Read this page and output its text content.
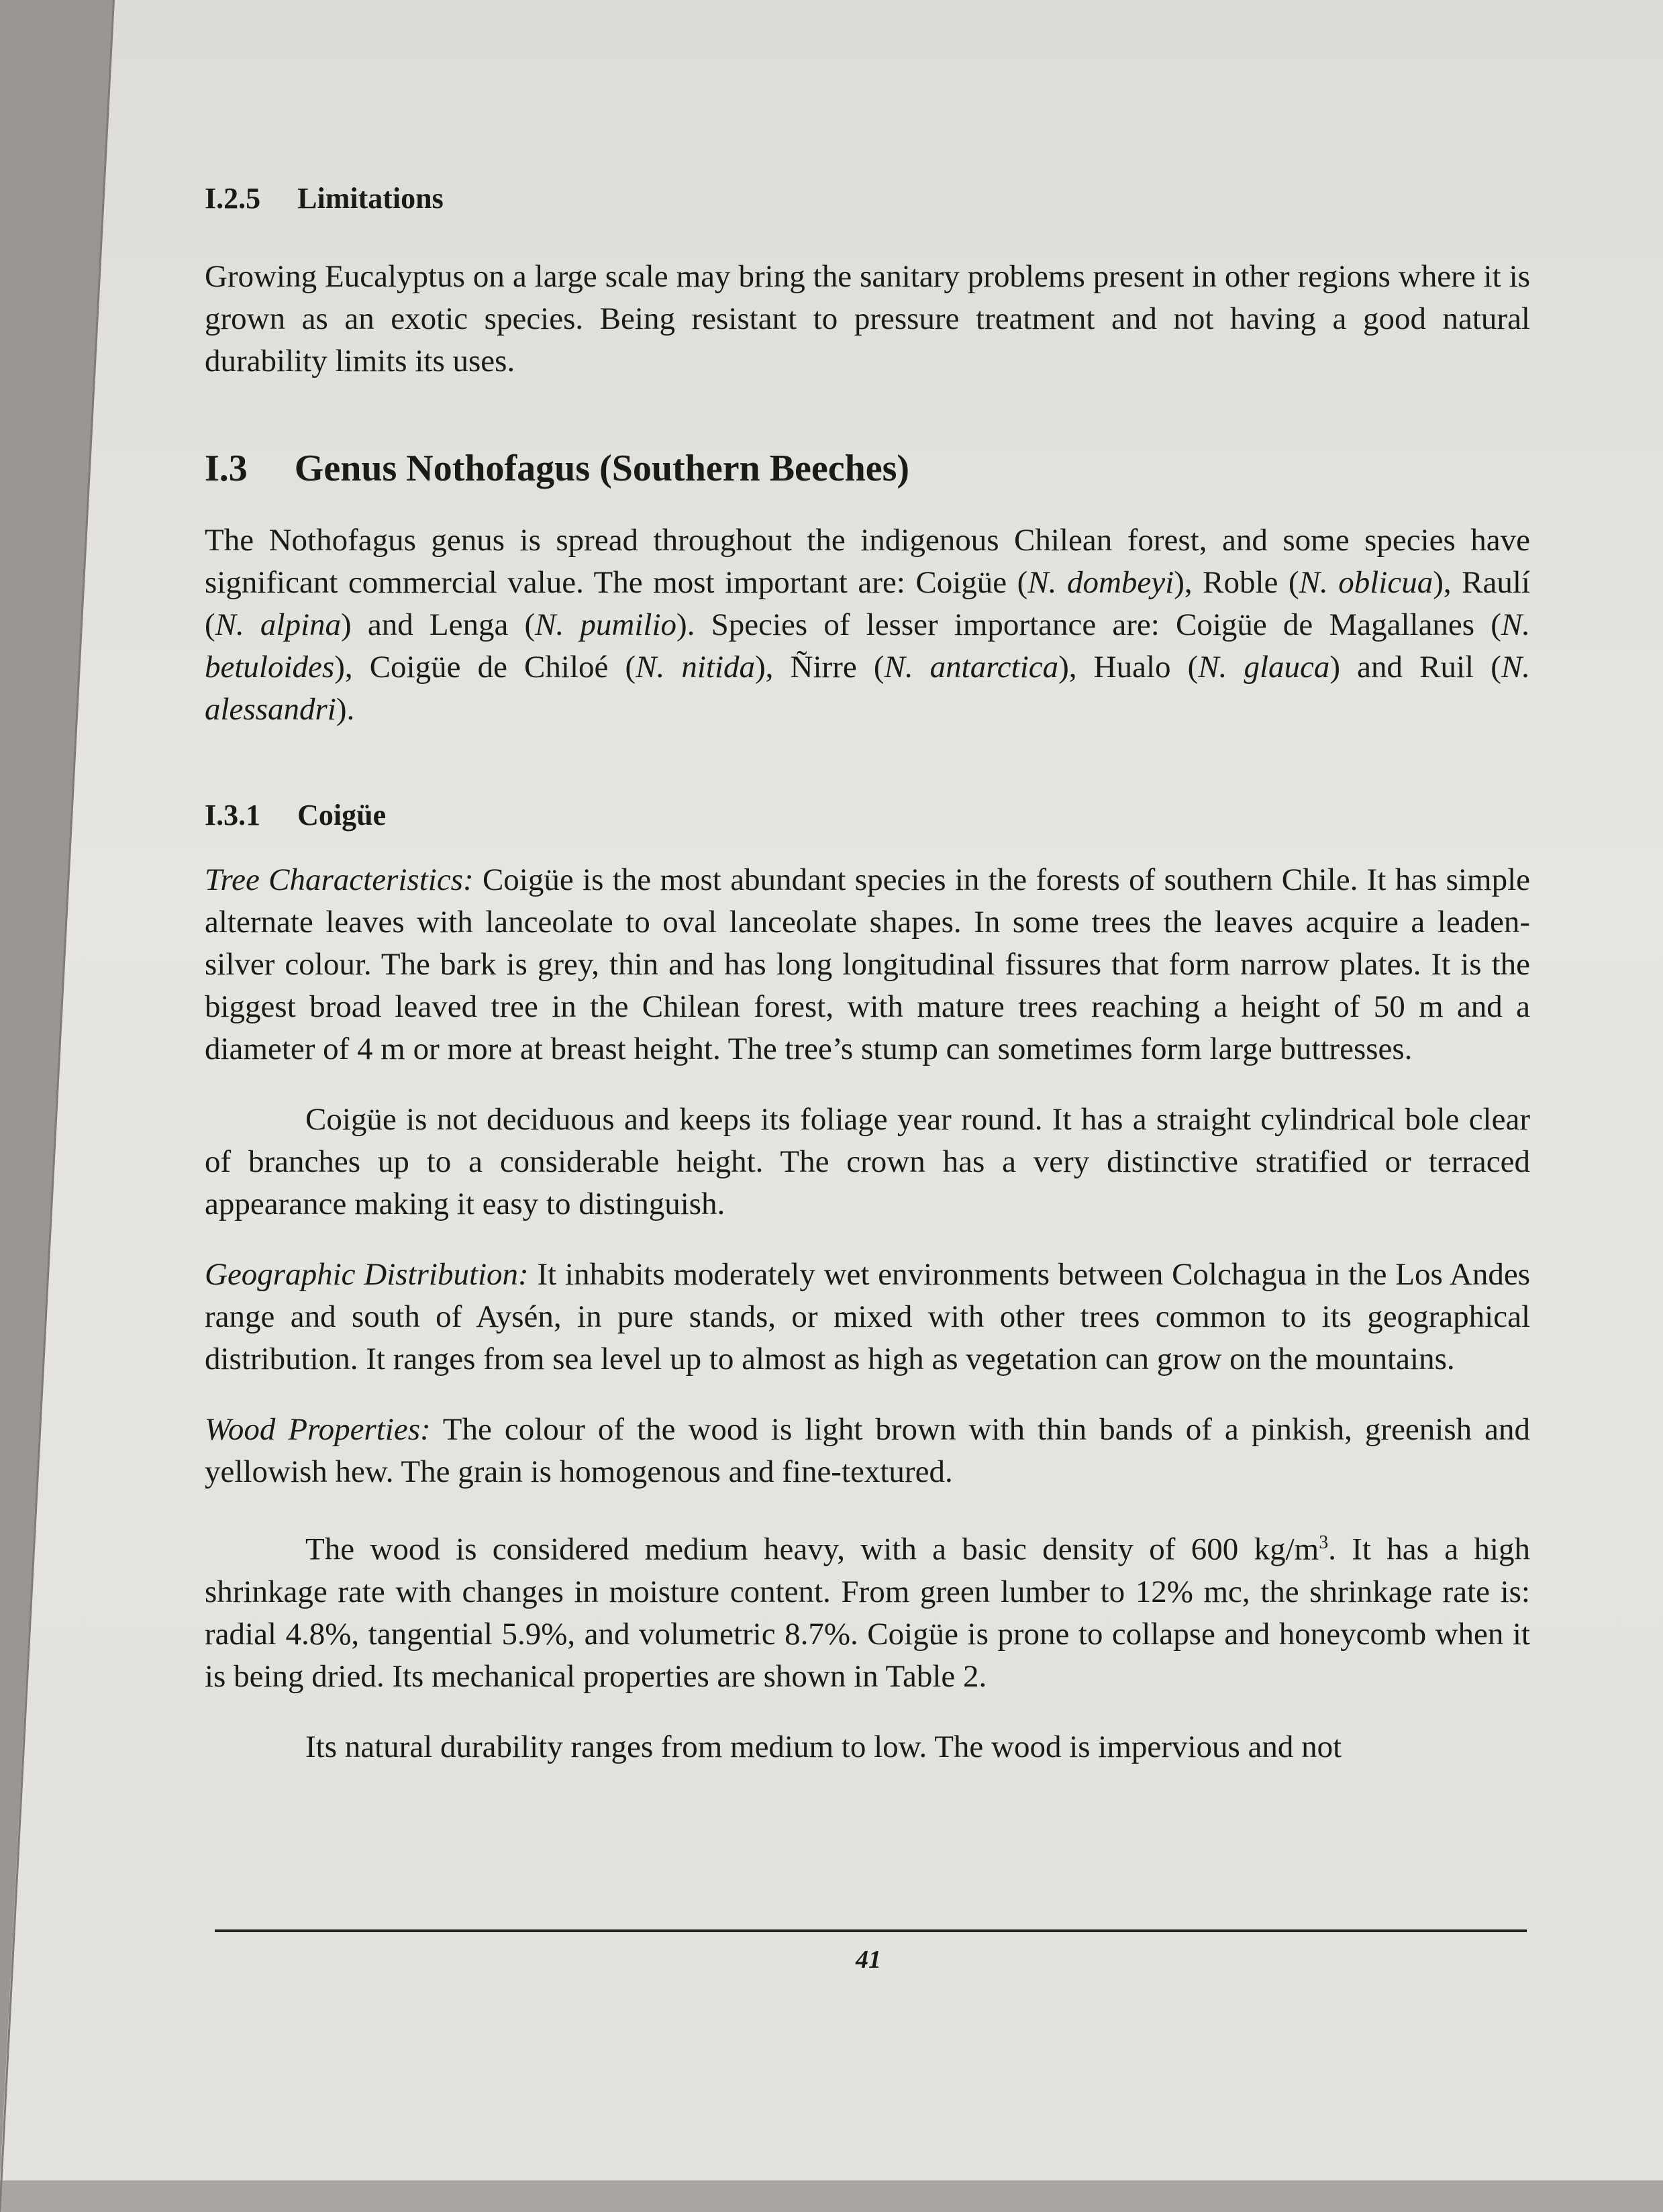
I.2.5 Limitations

Growing Eucalyptus on a large scale may bring the sanitary problems present in other regions where it is grown as an exotic species. Being resistant to pressure treatment and not having a good natural durability limits its uses.

I.3 Genus Nothofagus (Southern Beeches)

The Nothofagus genus is spread throughout the indigenous Chilean forest, and some species have significant commercial value. The most important are: Coigüe (N. dombeyi), Roble (N. oblicua), Raulí (N. alpina) and Lenga (N. pumilio). Species of lesser importance are: Coigüe de Magallanes (N. betuloides), Coigüe de Chiloé (N. nitida), Ñirre (N. antarctica), Hualo (N. glauca) and Ruil (N. alessandri).

I.3.1 Coigüe

Tree Characteristics: Coigüe is the most abundant species in the forests of southern Chile. It has simple alternate leaves with lanceolate to oval lanceolate shapes. In some trees the leaves acquire a leaden-silver colour. The bark is grey, thin and has long longitudinal fissures that form narrow plates. It is the biggest broad leaved tree in the Chilean forest, with mature trees reaching a height of 50 m and a diameter of 4 m or more at breast height. The tree’s stump can sometimes form large buttresses.

Coigüe is not deciduous and keeps its foliage year round. It has a straight cylindrical bole clear of branches up to a considerable height. The crown has a very distinctive stratified or terraced appearance making it easy to distinguish.

Geographic Distribution: It inhabits moderately wet environments between Colchagua in the Los Andes range and south of Aysén, in pure stands, or mixed with other trees common to its geographical distribution. It ranges from sea level up to almost as high as vegetation can grow on the mountains.

Wood Properties: The colour of the wood is light brown with thin bands of a pinkish, greenish and yellowish hew. The grain is homogenous and fine-textured.

The wood is considered medium heavy, with a basic density of 600 $kg/m^3$. It has a high shrinkage rate with changes in moisture content. From green lumber to 12% mc, the shrinkage rate is: radial 4.8%, tangential 5.9%, and volumetric 8.7%. Coigüe is prone to collapse and honeycomb when it is being dried. Its mechanical properties are shown in Table 2.

Its natural durability ranges from medium to low. The wood is impervious and not

41
